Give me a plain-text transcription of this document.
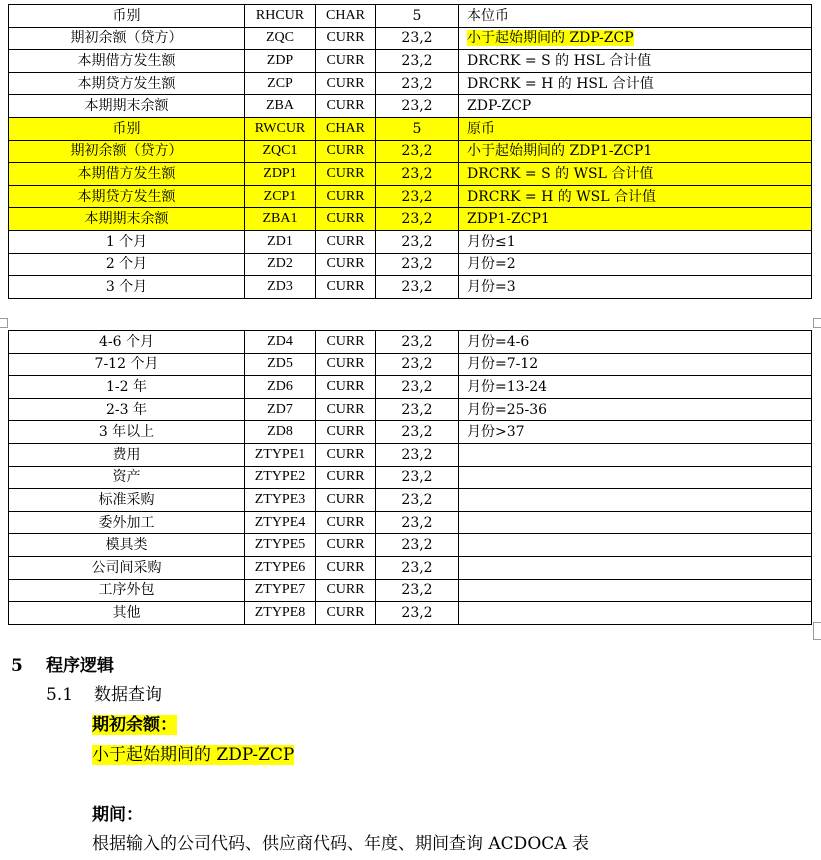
币别	RHCUR	CHAR	5	本位币
期初余额（贷方）	ZQC	CURR	23,2	小于起始期间的 ZDP-ZCP
本期借方发生额	ZDP	CURR	23,2	DRCRK = S 的 HSL 合计值
本期贷方发生额	ZCP	CURR	23,2	DRCRK = H 的 HSL 合计值
本期期末余额	ZBA	CURR	23,2	ZDP-ZCP
币别	RWCUR	CHAR	5	原币
期初余额（贷方）	ZQC1	CURR	23,2	小于起始期间的 ZDP1-ZCP1
本期借方发生额	ZDP1	CURR	23,2	DRCRK = S 的 WSL 合计值
本期贷方发生额	ZCP1	CURR	23,2	DRCRK = H 的 WSL 合计值
本期期末余额	ZBA1	CURR	23,2	ZDP1-ZCP1
1 个月	ZD1	CURR	23,2	月份≤1
2 个月	ZD2	CURR	23,2	月份=2
3 个月	ZD3	CURR	23,2	月份=3
4-6 个月	ZD4	CURR	23,2	月份=4-6
7-12 个月	ZD5	CURR	23,2	月份=7-12
1-2 年	ZD6	CURR	23,2	月份=13-24
2-3 年	ZD7	CURR	23,2	月份=25-36
3 年以上	ZD8	CURR	23,2	月份>37
费用	ZTYPE1	CURR	23,2	
资产	ZTYPE2	CURR	23,2	
标准采购	ZTYPE3	CURR	23,2	
委外加工	ZTYPE4	CURR	23,2	
模具类	ZTYPE5	CURR	23,2	
公司间采购	ZTYPE6	CURR	23,2	
工序外包	ZTYPE7	CURR	23,2	
其他	ZTYPE8	CURR	23,2	
5 程序逻辑
5.1 数据查询
期初余额：
小于起始期间的 ZDP-ZCP
期间：
根据输入的公司代码、供应商代码、年度、期间查询 ACDOCA 表
